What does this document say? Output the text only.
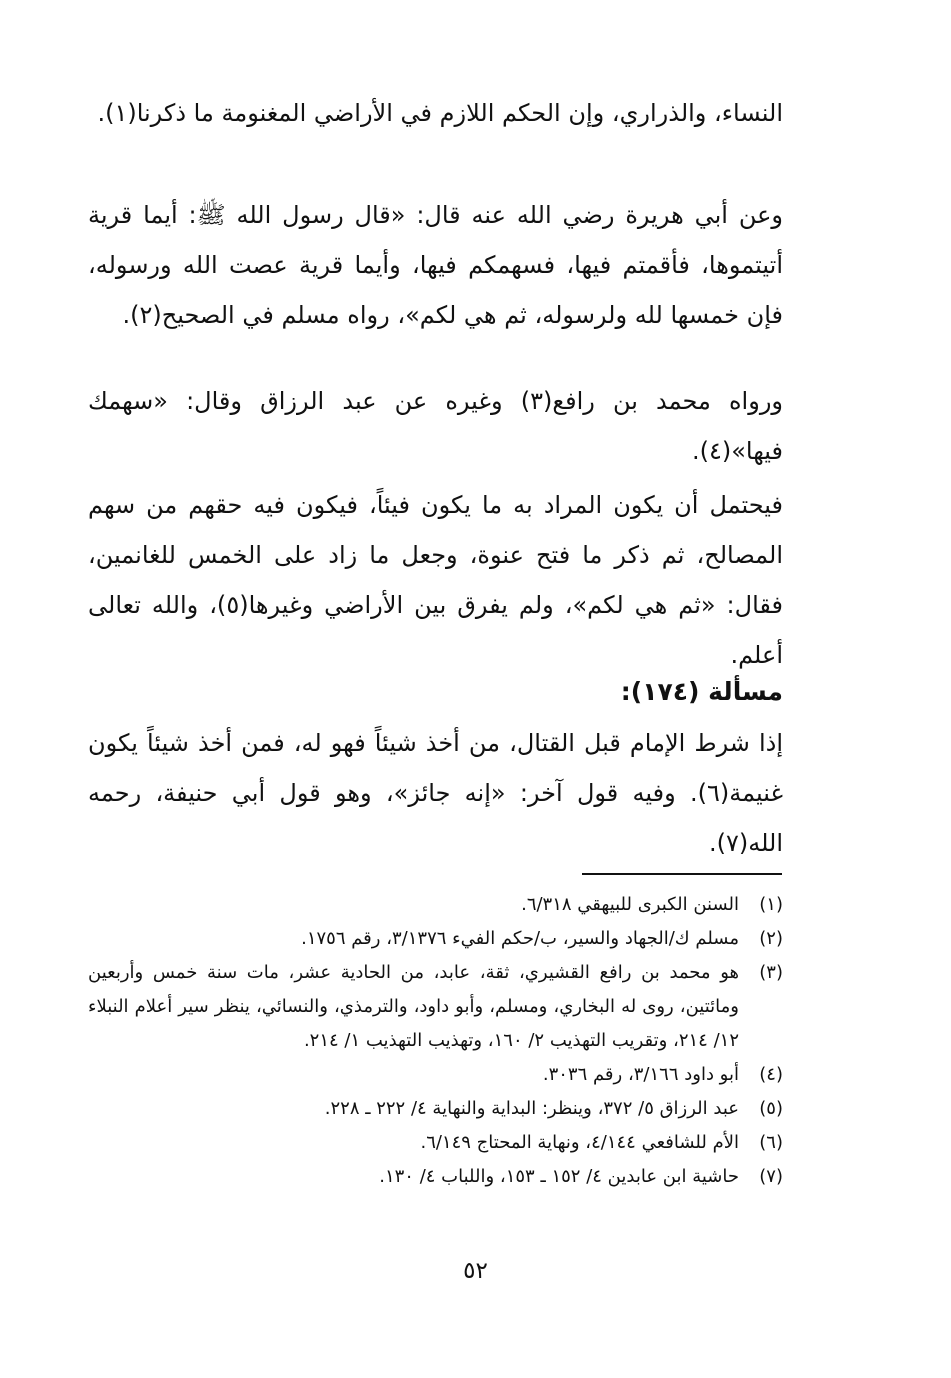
النساء، والذراري، وإن الحكم اللازم في الأراضي المغنومة ما ذكرنا(١).

وعن أبي هريرة رضي الله عنه قال: «قال رسول الله ﷺ: أيما قرية أتيتموها، فأقمتم فيها، فسهمكم فيها، وأيما قرية عصت الله ورسوله، فإن خمسها لله ولرسوله، ثم هي لكم»، رواه مسلم في الصحيح(٢).

ورواه محمد بن رافع(٣) وغيره عن عبد الرزاق وقال: «سهمك فيها»(٤).

فيحتمل أن يكون المراد به ما يكون فيئاً، فيكون فيه حقهم من سهم المصالح، ثم ذكر ما فتح عنوة، وجعل ما زاد على الخمس للغانمين، فقال: «ثم هي لكم»، ولم يفرق بين الأراضي وغيرها(٥)، والله تعالى أعلم.

مسألة (١٧٤):

إذا شرط الإمام قبل القتال، من أخذ شيئاً فهو له، فمن أخذ شيئاً يكون غنيمة(٦). وفيه قول آخر: «إنه جائز»، وهو قول أبي حنيفة، رحمه الله(٧).

(١)
السنن الكبرى للبيهقي ٦/٣١٨.
(٢)
مسلم ك/الجهاد والسير، ب/حكم الفيء ٣/١٣٧٦، رقم ١٧٥٦.
(٣)
هو محمد بن رافع القشيري، ثقة، عابد، من الحادية عشر، مات سنة خمس وأربعين ومائتين، روى له البخاري، ومسلم، وأبو داود، والترمذي، والنسائي، ينظر سير أعلام النبلاء ١٢/ ٢١٤، وتقريب التهذيب ٢/ ١٦٠، وتهذيب التهذيب ١/ ٢١٤.
(٤)
أبو داود ٣/١٦٦، رقم ٣٠٣٦.
(٥)
عبد الرزاق ٥/ ٣٧٢، وينظر: البداية والنهاية ٤/ ٢٢٢ ـ ٢٢٨.
(٦)
الأم للشافعي ٤/١٤٤، ونهاية المحتاج ٦/١٤٩.
(٧)
حاشية ابن عابدين ٤/ ١٥٢ ـ ١٥٣، واللباب ٤/ ١٣٠.
٥٢
